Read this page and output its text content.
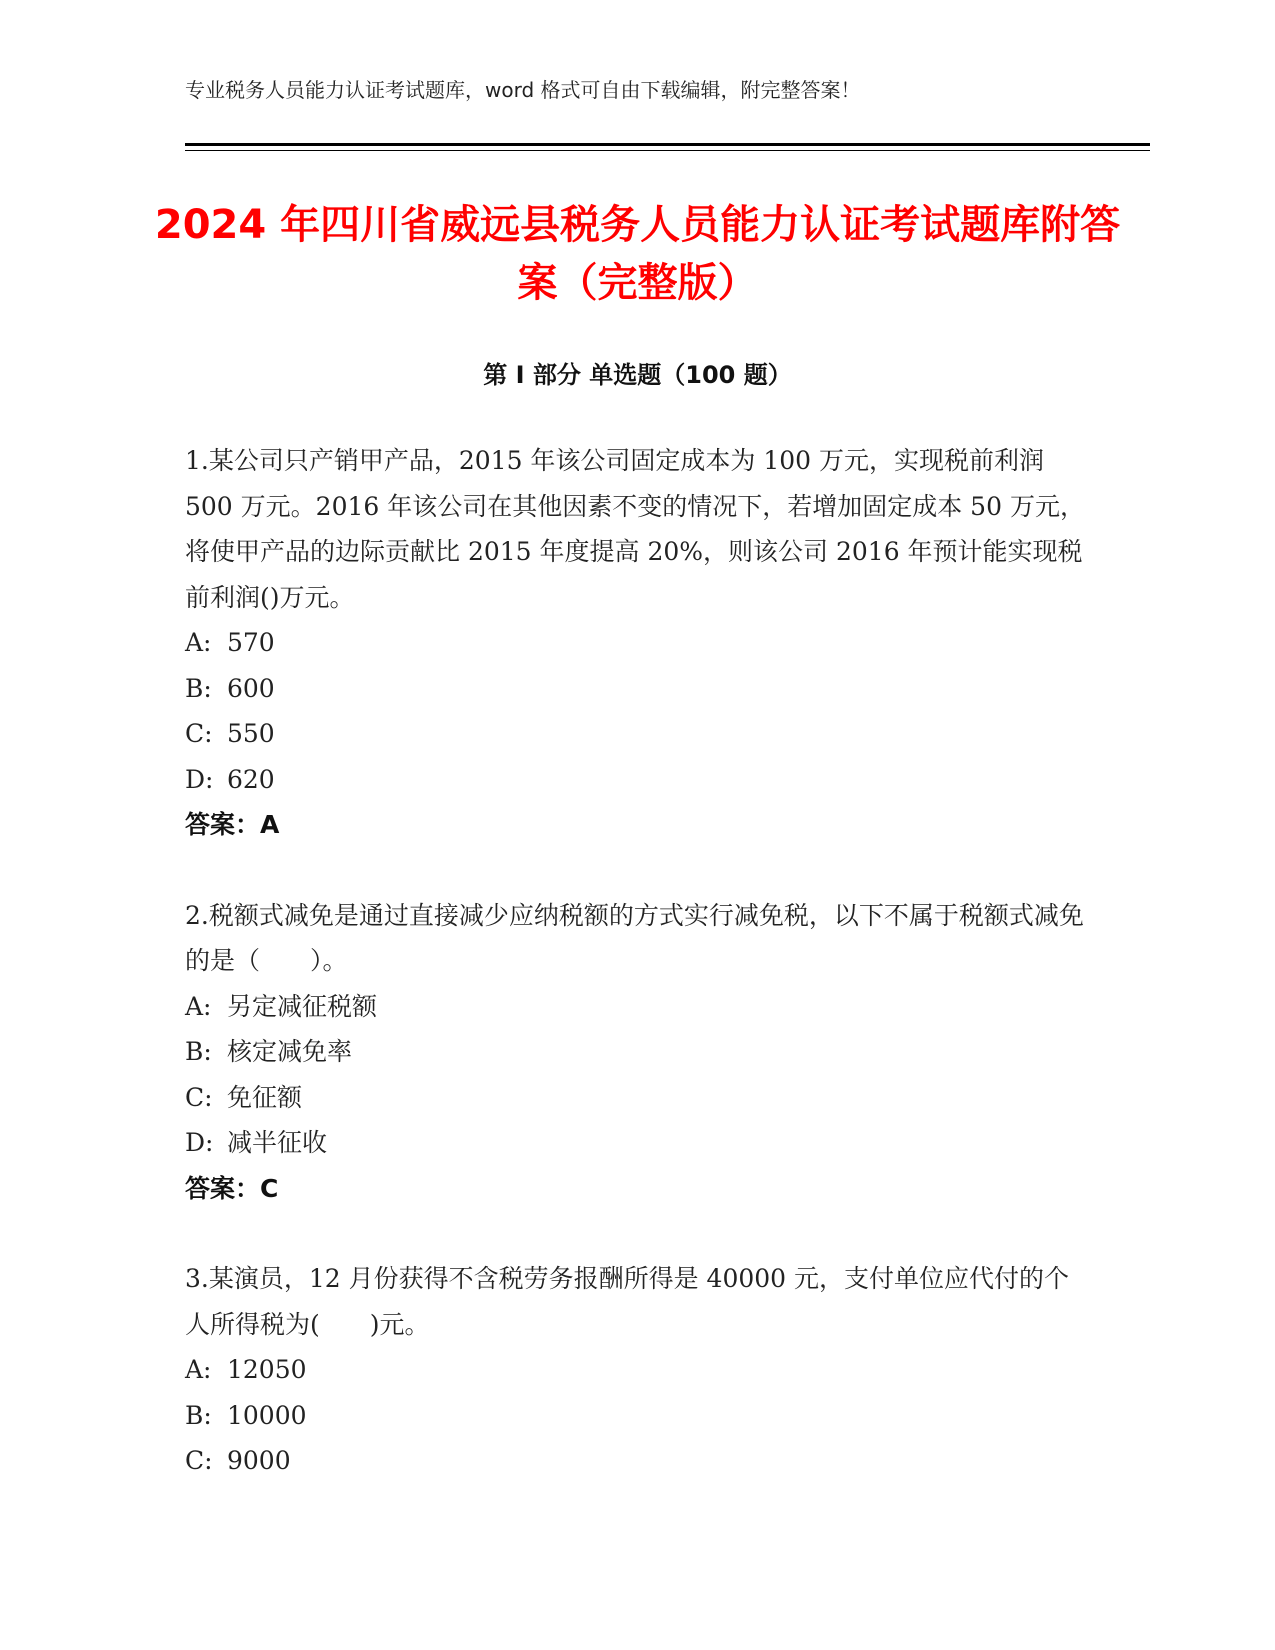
专业税务人员能力认证考试题库，word 格式可自由下载编辑，附完整答案！
2024 年四川省威远县税务人员能力认证考试题库附答案（完整版）
第 I 部分 单选题（100 题）

1.某公司只产销甲产品，2015 年该公司固定成本为 100 万元，实现税前利润 500 万元。2016 年该公司在其他因素不变的情况下，若增加固定成本 50 万元，将使甲产品的边际贡献比 2015 年度提高 20%，则该公司 2016 年预计能实现税前利润()万元。

A: 570

B: 600

C: 550

D: 620

答案：A

2.税额式减免是通过直接减少应纳税额的方式实行减免税，以下不属于税额式减免的是（　　）。

A: 另定减征税额

B: 核定减免率

C: 免征额

D: 减半征收

答案：C

3.某演员，12 月份获得不含税劳务报酬所得是 40000 元，支付单位应代付的个人所得税为(　　)元。

A: 12050

B: 10000

C: 9000
